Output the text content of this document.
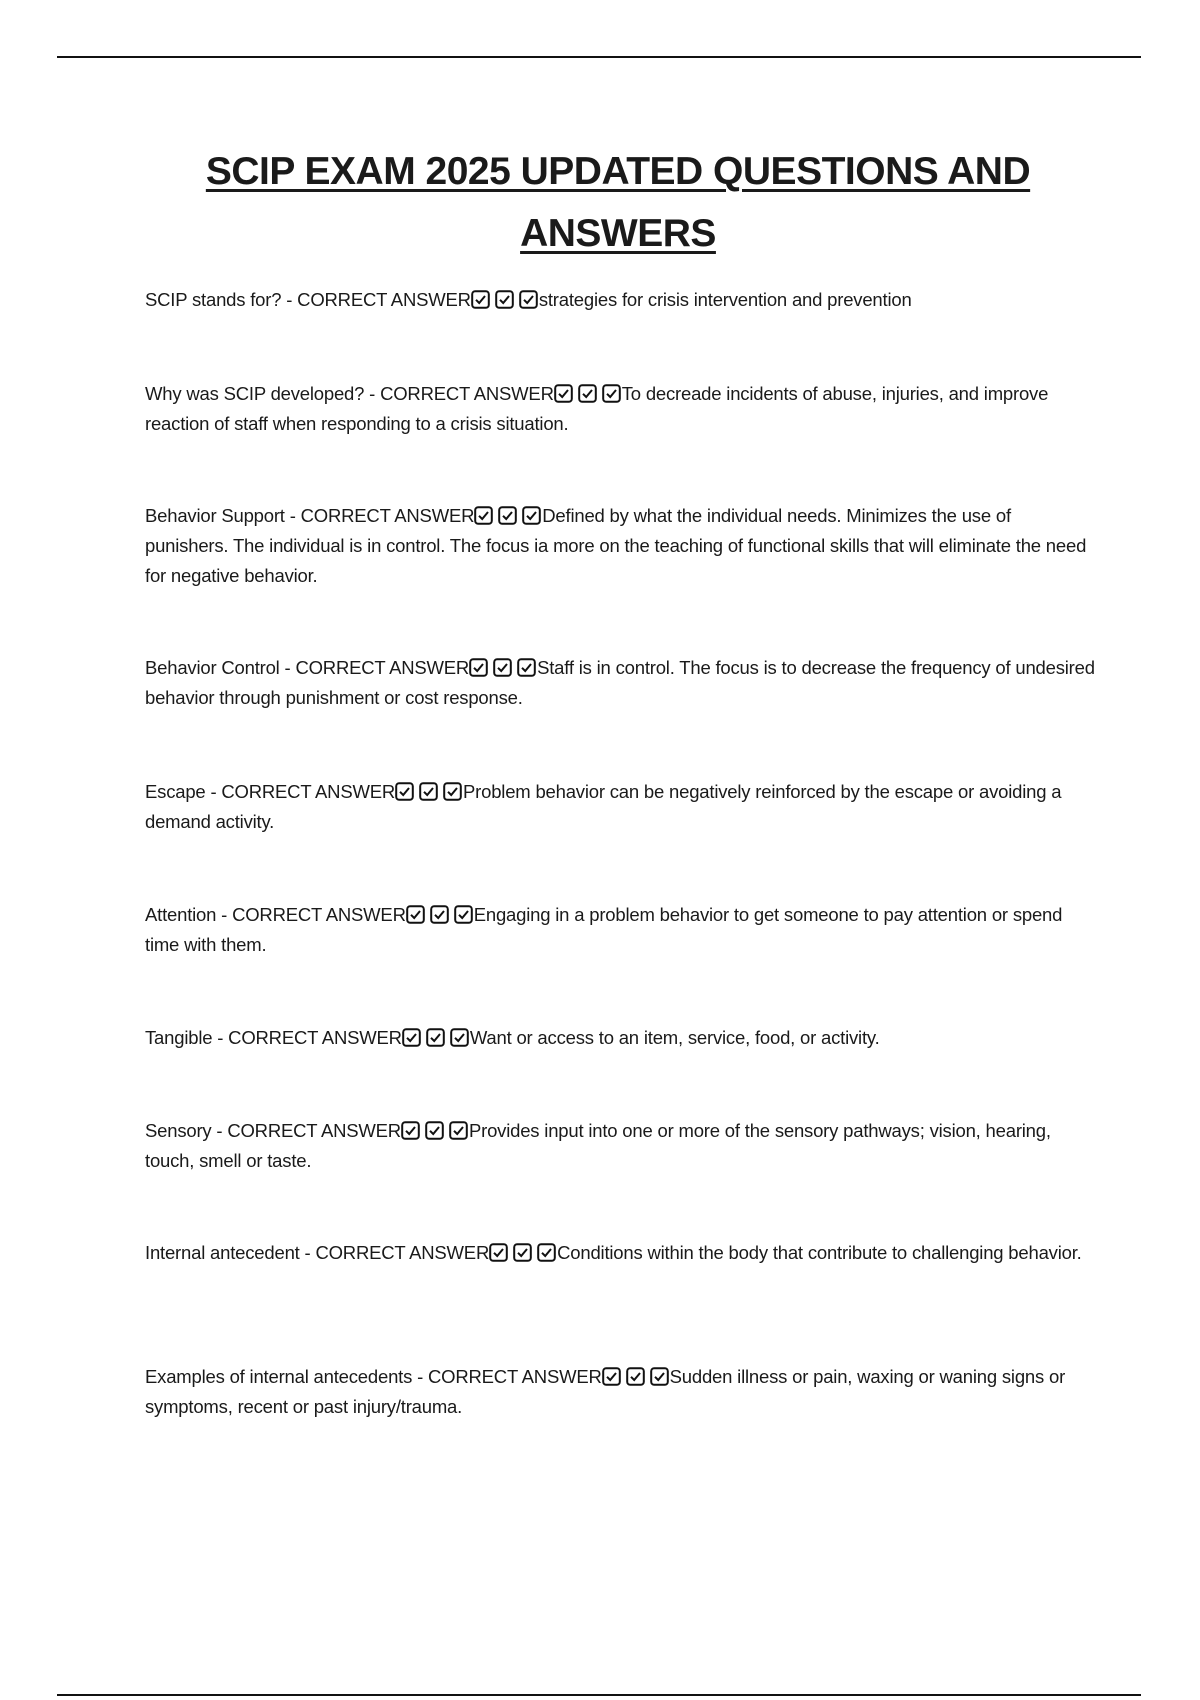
SCIP EXAM 2025 UPDATED QUESTIONS AND
ANSWERS
SCIP stands for? - CORRECT ANSWER	strategies for crisis intervention and prevention
Why was SCIP developed? - CORRECT ANSWER	To decreade incidents of abuse, injuries, and improve reaction of staff when responding to a crisis situation.
Behavior Support - CORRECT ANSWER	Defined by what the individual needs. Minimizes the use of punishers. The individual is in control. The focus ia more on the teaching of functional skills that will eliminate the need for negative behavior.
Behavior Control - CORRECT ANSWER	Staff is in control. The focus is to decrease the frequency of undesired behavior through punishment or cost response.
Escape - CORRECT ANSWER	Problem behavior can be negatively reinforced by the escape or avoiding a demand activity.
Attention - CORRECT ANSWER	Engaging in a problem behavior to get someone to pay attention or spend time with them.
Tangible - CORRECT ANSWER	Want or access to an item, service, food, or activity.
Sensory - CORRECT ANSWER	Provides input into one or more of the sensory pathways; vision, hearing, touch, smell or taste.
Internal antecedent - CORRECT ANSWER	Conditions within the body that contribute to challenging behavior.
Examples of internal antecedents - CORRECT ANSWER	Sudden illness or pain, waxing or waning signs or symptoms, recent or past injury/trauma.
